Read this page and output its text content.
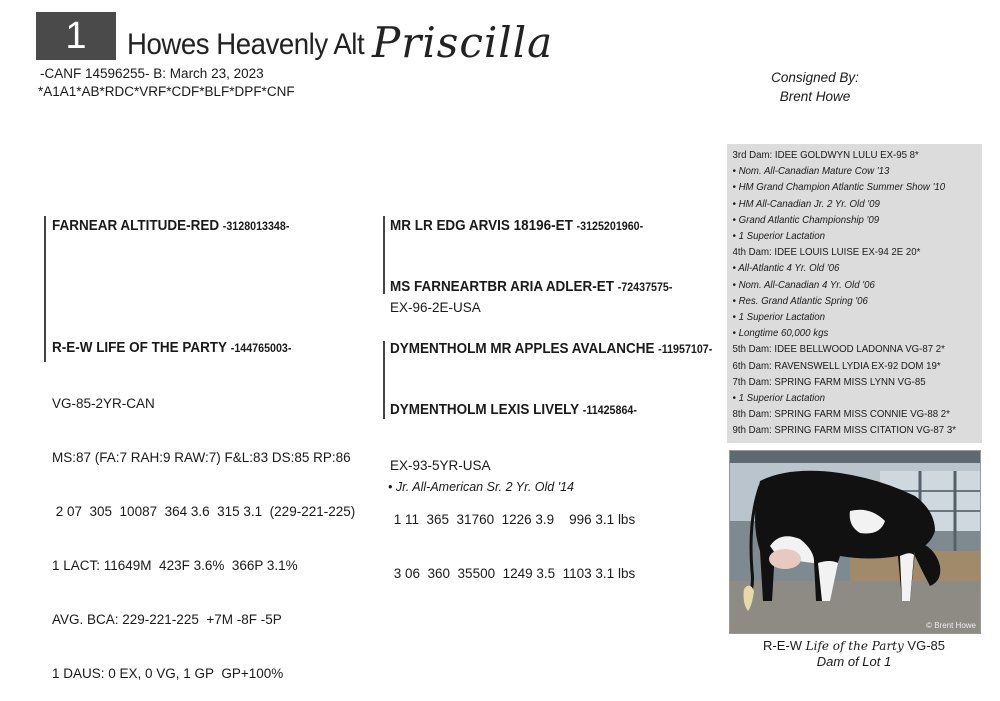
1	Howes Heavenly Alt Priscilla
-CANF 14596255- B: March 23, 2023
*A1A1*AB*RDC*VRF*CDF*BLF*DPF*CNF
Consigned By:
Brent Howe
FARNEAR ALTITUDE-RED -3128013348-	MR LR EDG ARVIS 18196-ET -3125201960-
MS FARNEARTBR ARIA ADLER-ET -72437575-
EX-96-2E-USA
R-E-W LIFE OF THE PARTY -144765003-

VG-85-2YR-CAN

MS:87 (FA:7 RAH:9 RAW:7) F&L:83 DS:85 RP:86

2 07  305  10087  364 3.6  315 3.1  (229-221-225)

1 LACT: 11649M  423F 3.6%  366P 3.1%

AVG. BCA: 229-221-225  +7M -8F -5P

1 DAUS: 0 EX, 0 VG, 1 GP  GP+100%

DYMENTHOLM MR APPLES AVALANCHE -11957107-
DYMENTHOLM LEXIS LIVELY -11425864-

EX-93-5YR-USA

1 11  365  31760  1226 3.9    996 3.1 lbs

3 06  360  35500  1249 3.5  1103 3.1 lbs

• Jr. All-American Sr. 2 Yr. Old '14
3rd Dam: IDEE GOLDWYN LULU EX-95 8*
• Nom. All-Canadian Mature Cow '13
• HM Grand Champion Atlantic Summer Show '10
• HM All-Canadian Jr. 2 Yr. Old '09
• Grand Atlantic Championship '09
• 1 Superior Lactation
4th Dam: IDEE LOUIS LUISE EX-94 2E 20*
• All-Atlantic 4 Yr. Old '06
• Nom. All-Canadian 4 Yr. Old '06
• Res. Grand Atlantic Spring '06
• 1 Superior Lactation
• Longtime 60,000 kgs
5th Dam: IDEE BELLWOOD LADONNA VG-87 2*
6th Dam: RAVENSWELL LYDIA EX-92 DOM 19*
7th Dam: SPRING FARM MISS LYNN VG-85
• 1 Superior Lactation
8th Dam: SPRING FARM MISS CONNIE VG-88 2*
9th Dam: SPRING FARM MISS CITATION VG-87 3*
© Brent Howe
R-E-W Life of the Party VG-85
Dam of Lot 1
